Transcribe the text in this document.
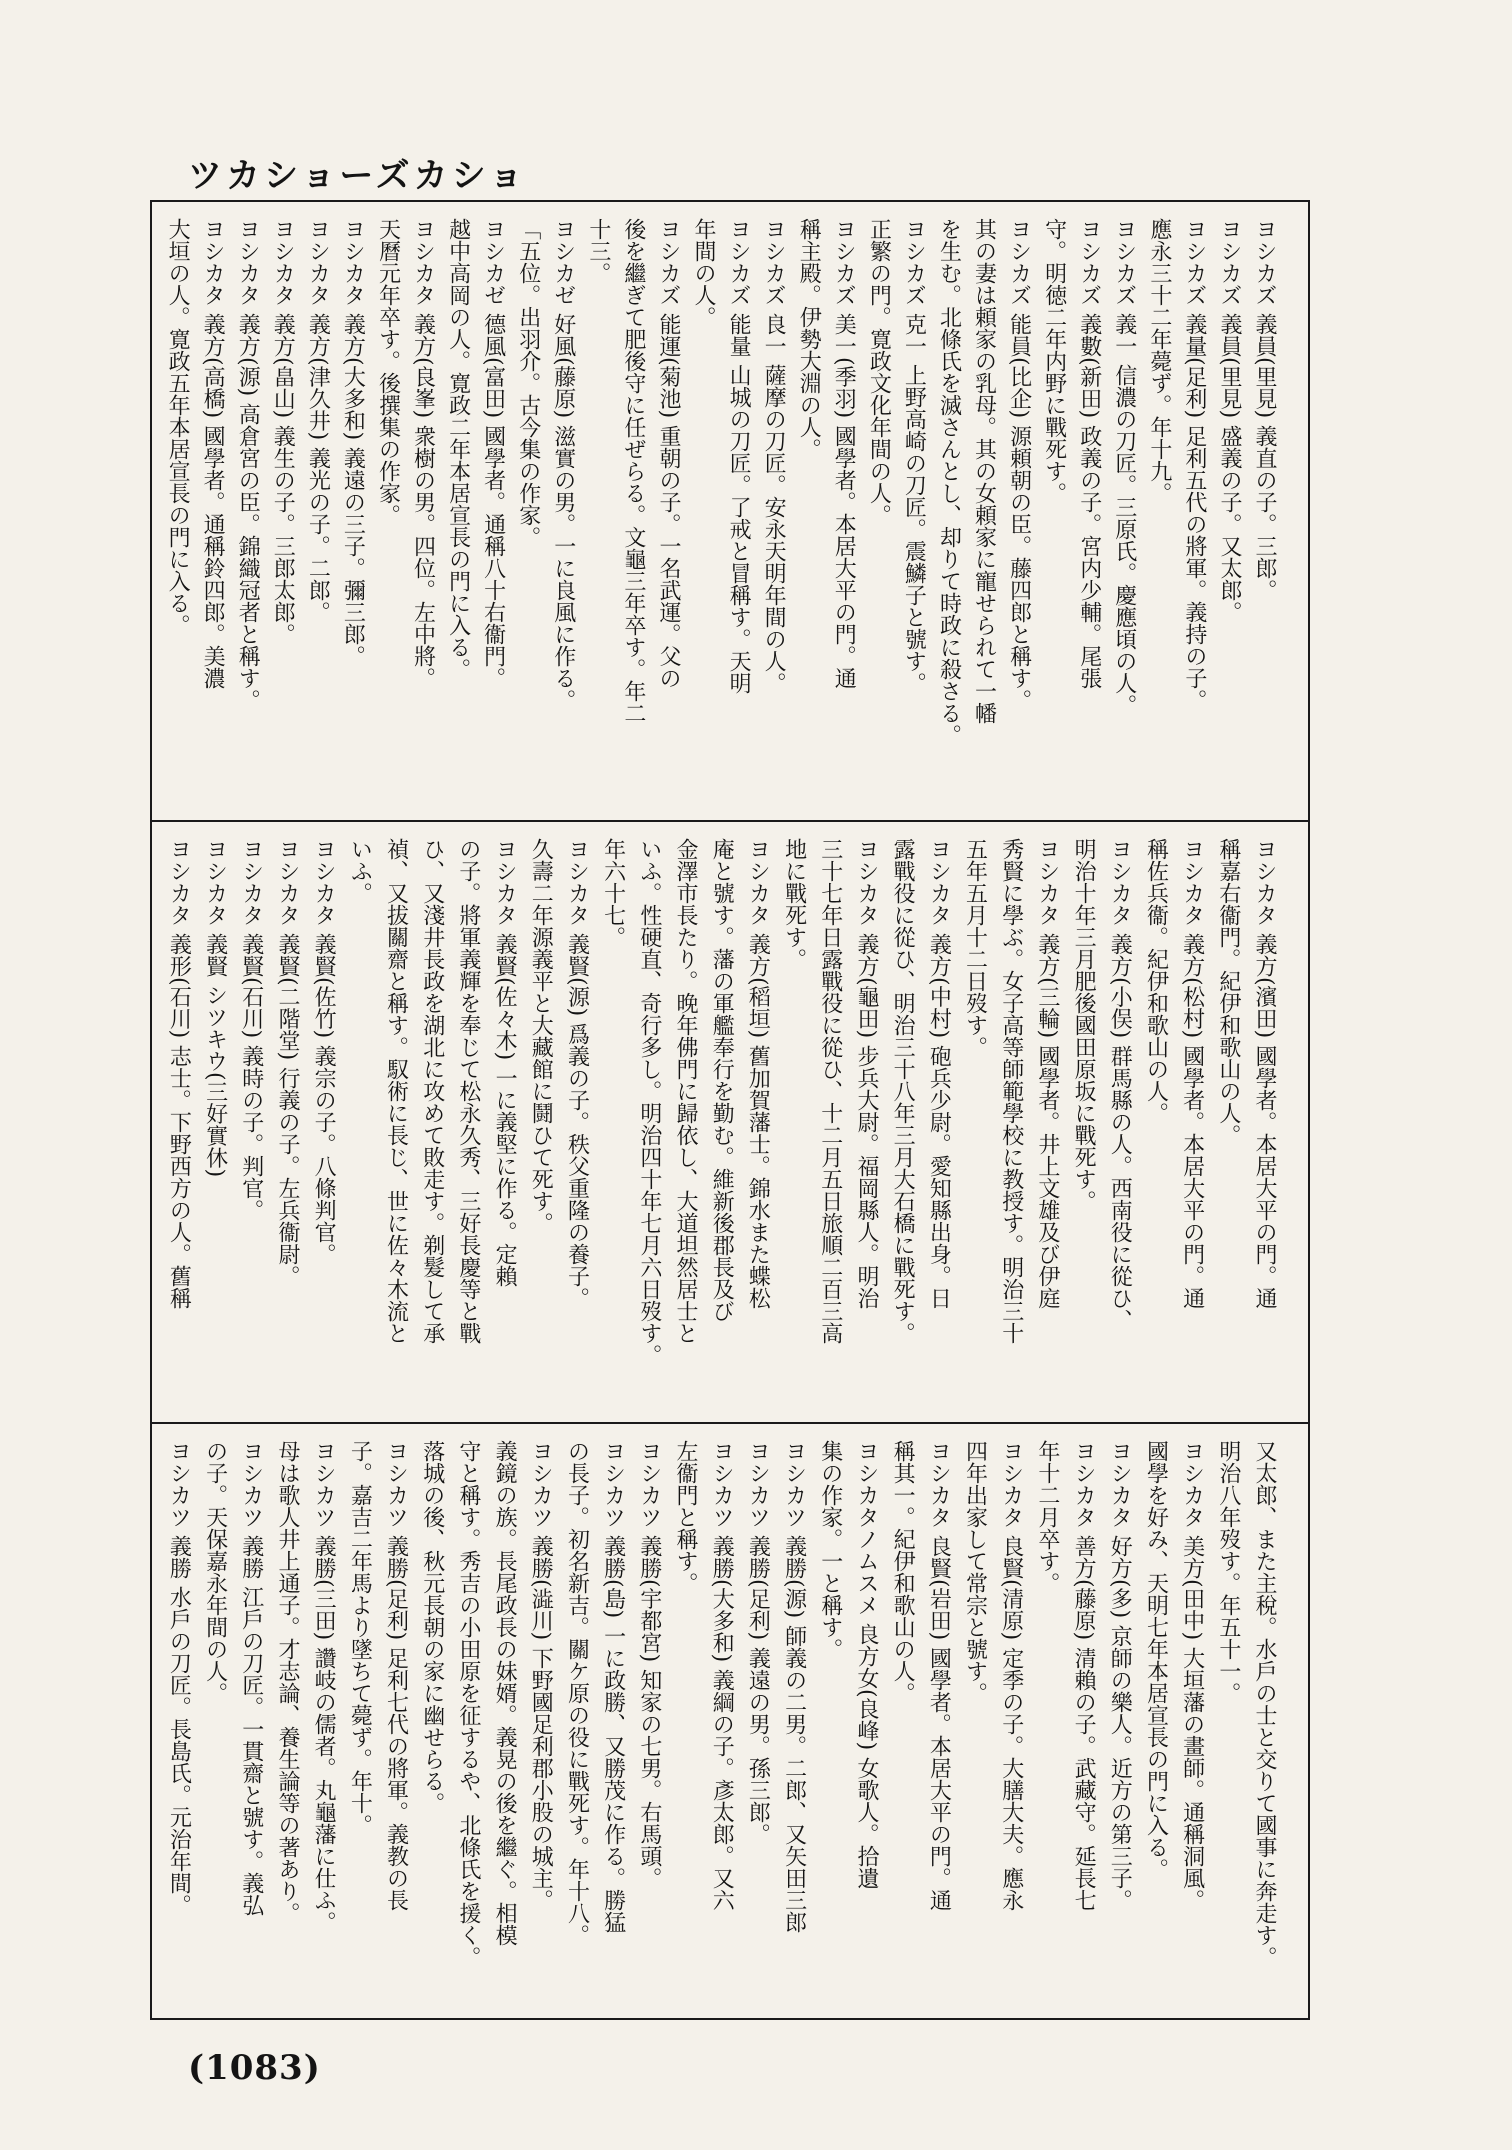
ツカショーズカショ
ヨシカズ 義員(里見) 義直の子。三郎。
ヨシカズ 義員(里見) 盛義の子。又太郎。
ヨシカズ 義量(足利) 足利五代の將軍。義持の子。
應永三十二年薨ず。年十九。
ヨシカズ 義一 信濃の刀匠。三原氏。慶應頃の人。
ヨシカズ 義數(新田) 政義の子。宮内少輔。尾張
守。明徳二年内野に戰死す。
ヨシカズ 能員(比企) 源頼朝の臣。藤四郎と稱す。
其の妻は頼家の乳母。其の女頼家に寵せられて一幡
を生む。北條氏を滅さんとし、却りて時政に殺さる。
ヨシカズ 克一 上野高崎の刀匠。震鱗子と號す。
正繁の門。寛政文化年間の人。
ヨシカズ 美一(季羽) 國學者。本居大平の門。通
稱主殿。伊勢大淵の人。
ヨシカズ 良一 薩摩の刀匠。安永天明年間の人。
ヨシカズ 能量 山城の刀匠。了戒と冒稱す。天明
年間の人。
ヨシカズ 能運(菊池) 重朝の子。一名武運。父の
後を繼ぎて肥後守に任ぜらる。文龜三年卒す。年二
十三。
ヨシカゼ 好風(藤原) 滋實の男。一に良風に作る。
「五位。出羽介。古今集の作家。
ヨシカゼ 德風(富田) 國學者。通稱八十右衞門。
越中高岡の人。寛政二年本居宣長の門に入る。
ヨシカタ 義方(良峯) 衆樹の男。四位。左中將。
天曆元年卒す。後撰集の作家。
ヨシカタ 義方(大多和) 義遠の三子。彌三郎。
ヨシカタ 義方(津久井) 義光の子。二郎。
ヨシカタ 義方(畠山) 義生の子。三郎太郎。
ヨシカタ 義方(源) 高倉宮の臣。錦織冠者と稱す。
ヨシカタ 義方(高橋) 國學者。通稱鈴四郎。美濃
大垣の人。寛政五年本居宣長の門に入る。
ヨシカタ 義方(濱田) 國學者。本居大平の門。通
稱嘉右衞門。紀伊和歌山の人。
ヨシカタ 義方(松村) 國學者。本居大平の門。通
稱佐兵衞。紀伊和歌山の人。
ヨシカタ 義方(小俣) 群馬縣の人。西南役に從ひ、
明治十年三月肥後國田原坂に戰死す。
ヨシカタ 義方(三輪) 國學者。井上文雄及び伊庭
秀賢に學ぶ。女子高等師範學校に教授す。明治三十
五年五月十二日歿す。
ヨシカタ 義方(中村) 砲兵少尉。愛知縣出身。日
露戰役に從ひ、明治三十八年三月大石橋に戰死す。
ヨシカタ 義方(龜田) 步兵大尉。福岡縣人。明治
三十七年日露戰役に從ひ、十二月五日旅順二百三高
地に戰死す。
ヨシカタ 義方(稻垣) 舊加賀藩士。錦水また蝶松
庵と號す。藩の軍艦奉行を勤む。維新後郡長及び
金澤市長たり。晚年佛門に歸依し、大道坦然居士と
いふ。性硬直、奇行多し。明治四十年七月六日歿す。
年六十七。
ヨシカタ 義賢(源) 爲義の子。秩父重隆の養子。
久壽二年源義平と大藏館に鬪ひて死す。
ヨシカタ 義賢(佐々木) 一に義堅に作る。定賴
の子。將軍義輝を奉じて松永久秀、三好長慶等と戰
ひ、又淺井長政を湖北に攻めて敗走す。剃髮して承
禎、又拔關齋と稱す。馭術に長じ、世に佐々木流と
いふ。
ヨシカタ 義賢(佐竹) 義宗の子。八條判官。
ヨシカタ 義賢(二階堂) 行義の子。左兵衞尉。
ヨシカタ 義賢(石川) 義時の子。判官。
ヨシカタ 義賢 シツキウ(三好實休)
ヨシカタ 義形(石川) 志士。下野西方の人。舊稱
又太郎、また主稅。水戶の士と交りて國事に奔走す。
明治八年歿す。年五十一。
ヨシカタ 美方(田中) 大垣藩の畫師。通稱洞風。
國學を好み、天明七年本居宣長の門に入る。
ヨシカタ 好方(多) 京師の樂人。近方の第三子。
ヨシカタ 善方(藤原) 清賴の子。武藏守。延長七
年十二月卒す。
ヨシカタ 良賢(清原) 定季の子。大膳大夫。應永
四年出家して常宗と號す。
ヨシカタ 良賢(岩田) 國學者。本居大平の門。通
稱其一。紀伊和歌山の人。
ヨシカタノムスメ 良方女(良峰) 女歌人。拾遺
集の作家。一と稱す。
ヨシカツ 義勝(源) 師義の二男。二郎、又矢田三郎
ヨシカツ 義勝(足利) 義遠の男。孫三郎。
ヨシカツ 義勝(大多和) 義綱の子。彥太郎。又六
左衞門と稱す。
ヨシカツ 義勝(宇都宮) 知家の七男。右馬頭。
ヨシカツ 義勝(島) 一に政勝、又勝茂に作る。勝猛
の長子。初名新吉。關ケ原の役に戰死す。年十八。
ヨシカツ 義勝(澁川) 下野國足利郡小股の城主。
義鏡の族。長尾政長の妹婿。義晃の後を繼ぐ。相模
守と稱す。秀吉の小田原を征するや、北條氏を援く。
落城の後、秋元長朝の家に幽せらる。
ヨシカツ 義勝(足利) 足利七代の將軍。義教の長
子。嘉吉二年馬より墜ちて薨ず。年十。
ヨシカツ 義勝(三田) 讚岐の儒者。丸龜藩に仕ふ。
母は歌人井上通子。才志論、養生論等の著あり。
ヨシカツ 義勝 江戶の刀匠。一貫齋と號す。義弘
の子。天保嘉永年間の人。
ヨシカツ 義勝 水戶の刀匠。長島氏。元治年間。
(1083)
